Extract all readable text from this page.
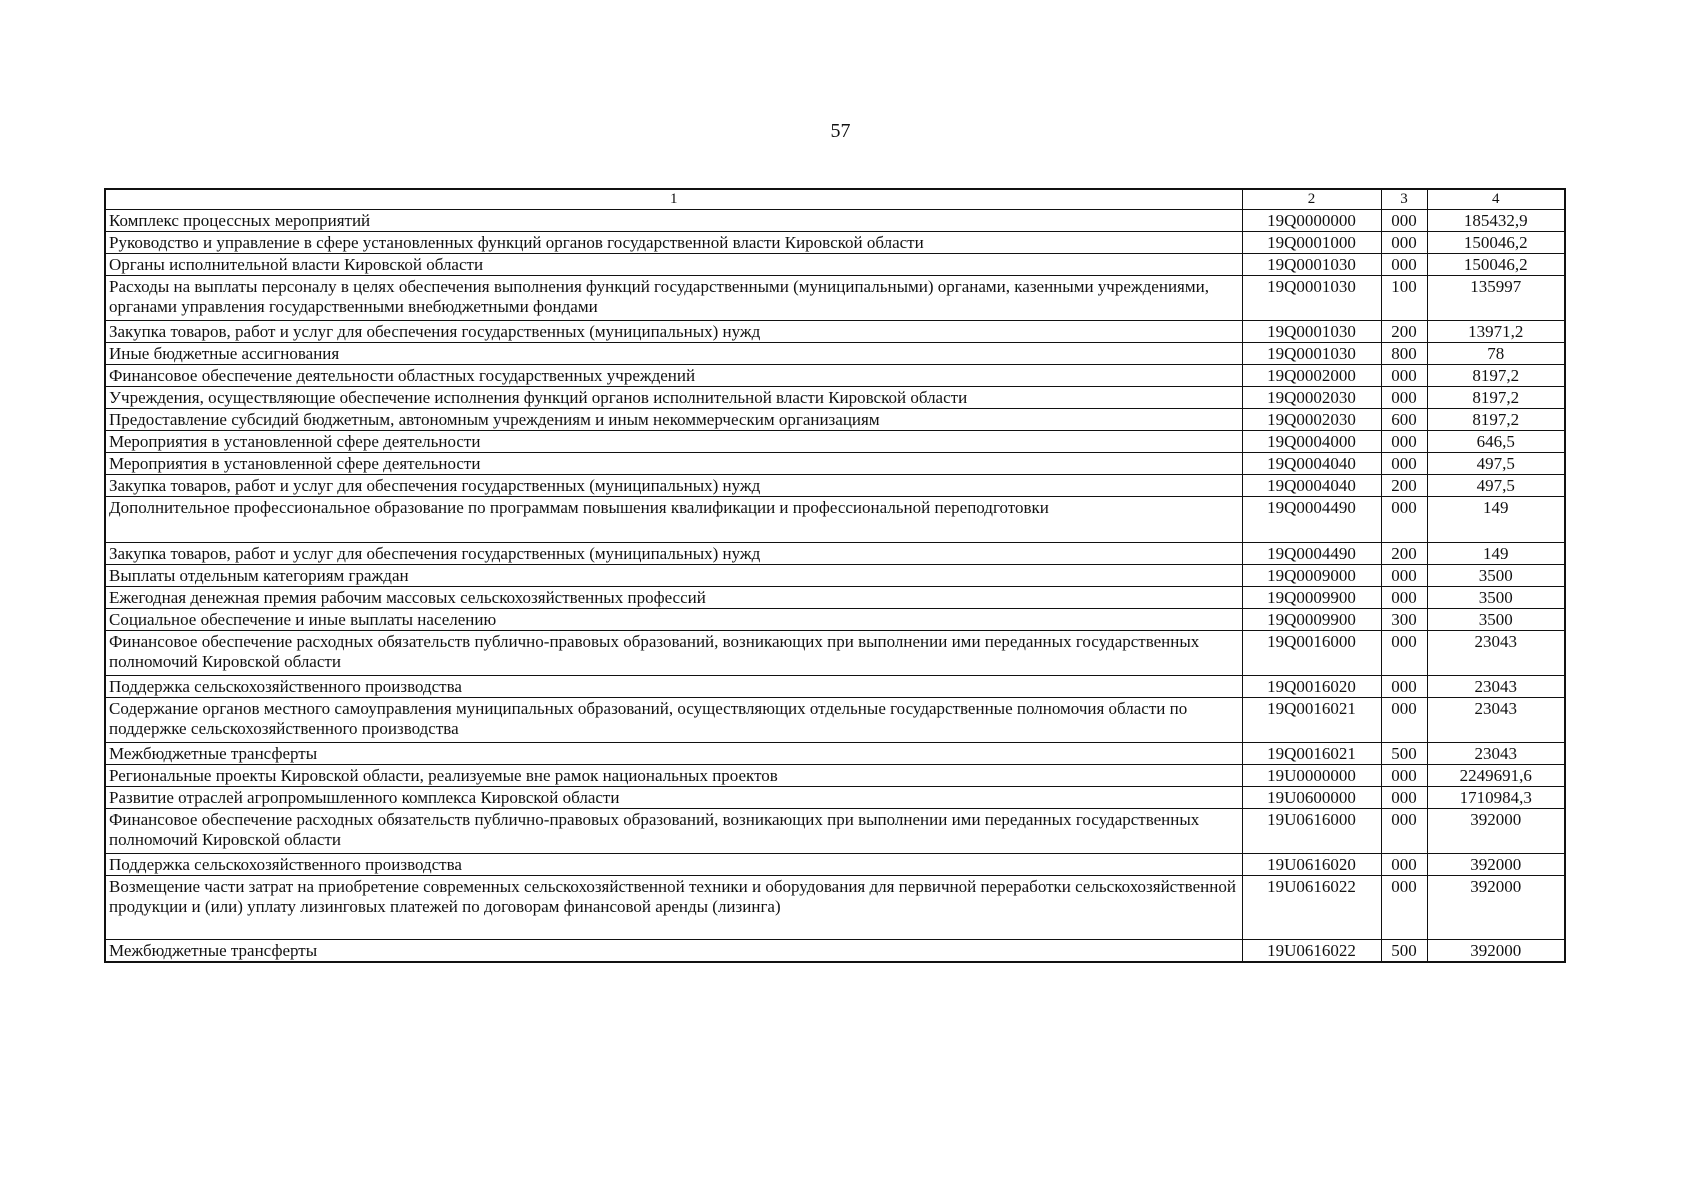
57
1	2	3	4
Комплекс процессных мероприятий	19Q0000000	000	185432,9
Руководство и управление в сфере установленных функций органов государственной власти Кировской области	19Q0001000	000	150046,2
Органы исполнительной власти Кировской области	19Q0001030	000	150046,2
Расходы на выплаты персоналу в целях обеспечения выполнения функций государственными (муниципальными) органами, казенными учреждениями, органами управления государственными внебюджетными фондами	19Q0001030	100	135997
Закупка товаров, работ и услуг для обеспечения государственных (муниципальных) нужд	19Q0001030	200	13971,2
Иные бюджетные ассигнования	19Q0001030	800	78
Финансовое обеспечение деятельности областных государственных учреждений	19Q0002000	000	8197,2
Учреждения, осуществляющие обеспечение исполнения функций органов исполнительной власти Кировской области	19Q0002030	000	8197,2
Предоставление субсидий бюджетным, автономным учреждениям и иным некоммерческим организациям	19Q0002030	600	8197,2
Мероприятия в установленной сфере деятельности	19Q0004000	000	646,5
Мероприятия в установленной сфере деятельности	19Q0004040	000	497,5
Закупка товаров, работ и услуг для обеспечения государственных (муниципальных) нужд	19Q0004040	200	497,5
Дополнительное профессиональное образование по программам повышения квалификации и профессиональной переподготовки	19Q0004490	000	149
Закупка товаров, работ и услуг для обеспечения государственных (муниципальных) нужд	19Q0004490	200	149
Выплаты отдельным категориям граждан	19Q0009000	000	3500
Ежегодная денежная премия рабочим массовых сельскохозяйственных профессий	19Q0009900	000	3500
Социальное обеспечение и иные выплаты населению	19Q0009900	300	3500
Финансовое обеспечение расходных обязательств публично-правовых образований, возникающих при выполнении ими переданных государственных полномочий Кировской области	19Q0016000	000	23043
Поддержка сельскохозяйственного производства	19Q0016020	000	23043
Содержание органов местного самоуправления муниципальных образований, осуществляющих отдельные государственные полномочия области по поддержке сельскохозяйственного производства	19Q0016021	000	23043
Межбюджетные трансферты	19Q0016021	500	23043
Региональные проекты Кировской области, реализуемые вне рамок национальных проектов	19U0000000	000	2249691,6
Развитие отраслей агропромышленного комплекса Кировской области	19U0600000	000	1710984,3
Финансовое обеспечение расходных обязательств публично-правовых образований, возникающих при выполнении ими переданных государственных полномочий Кировской области	19U0616000	000	392000
Поддержка сельскохозяйственного производства	19U0616020	000	392000
Возмещение части затрат на приобретение современных сельскохозяйственной техники и оборудования для первичной переработки сельскохозяйственной продукции и (или) уплату лизинговых платежей по договорам финансовой аренды (лизинга)	19U0616022	000	392000
Межбюджетные трансферты	19U0616022	500	392000
